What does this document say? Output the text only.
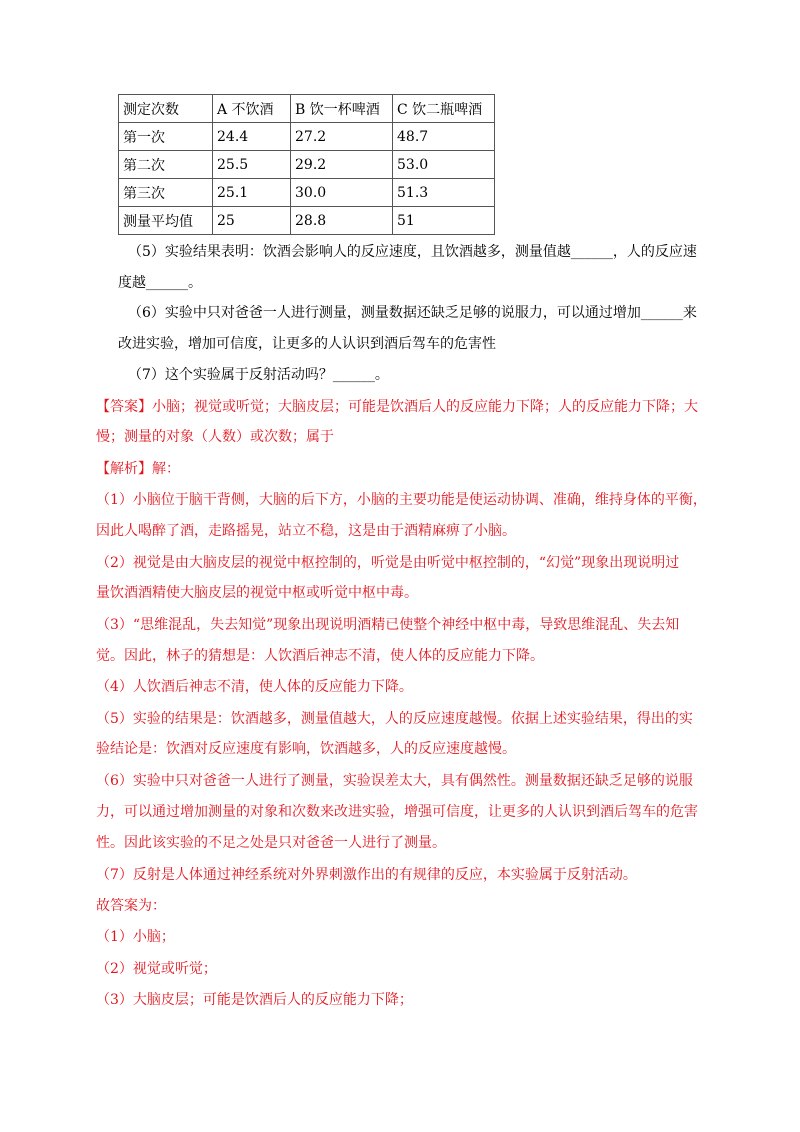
测定次数	A 不饮酒	B 饮一杯啤酒	C 饮二瓶啤酒
第一次	24.4	27.2	48.7
第二次	25.5	29.2	53.0
第三次	25.1	30.0	51.3
测量平均值	25	28.8	51
（5）实验结果表明：饮酒会影响人的反应速度，且饮酒越多，测量值越______，人的反应速
度越______。
（6）实验中只对爸爸一人进行测量，测量数据还缺乏足够的说服力，可以通过增加______来
改进实验，增加可信度，让更多的人认识到酒后驾车的危害性
（7）这个实验属于反射活动吗？______。
【答案】小脑；视觉或听觉；大脑皮层；可能是饮酒后人的反应能力下降；人的反应能力下降；大
慢；测量的对象（人数）或次数；属于
【解析】解：
（1）小脑位于脑干背侧，大脑的后下方，小脑的主要功能是使运动协调、准确，维持身体的平衡，
因此人喝醉了酒，走路摇晃，站立不稳，这是由于酒精麻痹了小脑。
（2）视觉是由大脑皮层的视觉中枢控制的，听觉是由听觉中枢控制的，“幻觉”现象出现说明过
量饮酒酒精使大脑皮层的视觉中枢或听觉中枢中毒。
（3）“思维混乱，失去知觉”现象出现说明酒精已使整个神经中枢中毒，导致思维混乱、失去知
觉。因此，林子的猜想是：人饮酒后神志不清，使人体的反应能力下降。
（4）人饮酒后神志不清，使人体的反应能力下降。
（5）实验的结果是：饮酒越多，测量值越大，人的反应速度越慢。依据上述实验结果，得出的实
验结论是：饮酒对反应速度有影响，饮酒越多，人的反应速度越慢。
（6）实验中只对爸爸一人进行了测量，实验误差太大，具有偶然性。测量数据还缺乏足够的说服
力，可以通过增加测量的对象和次数来改进实验，增强可信度，让更多的人认识到酒后驾车的危害
性。因此该实验的不足之处是只对爸爸一人进行了测量。
（7）反射是人体通过神经系统对外界刺激作出的有规律的反应，本实验属于反射活动。
故答案为：
（1）小脑；
（2）视觉或听觉；
（3）大脑皮层；可能是饮酒后人的反应能力下降；
